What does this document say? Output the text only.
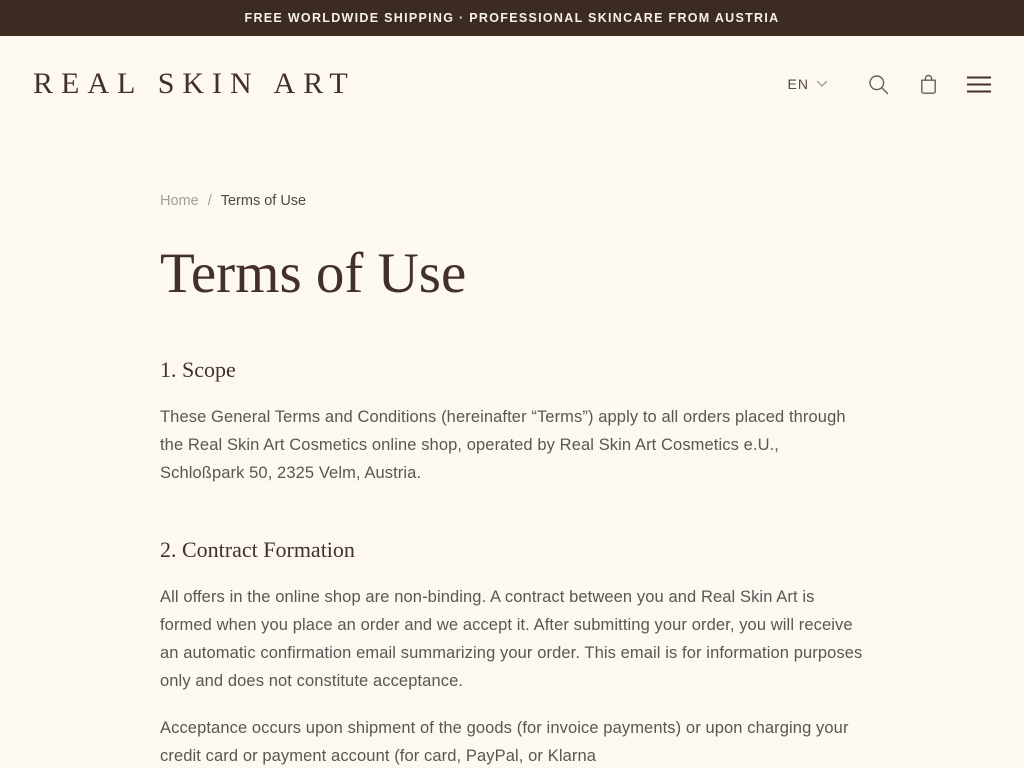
FREE WORLDWIDE SHIPPING · PROFESSIONAL SKINCARE FROM AUSTRIA
REAL SKIN ART	EN
Home / Terms of Use
Terms of Use
1. Scope

These General Terms and Conditions (hereinafter “Terms”) apply to all orders placed through the Real Skin Art Cosmetics online shop, operated by Real Skin Art Cosmetics e.U., Schloßpark 50, 2325 Velm, Austria.

2. Contract Formation

All offers in the online shop are non-binding. A contract between you and Real Skin Art is formed when you place an order and we accept it. After submitting your order, you will receive an automatic confirmation email summarizing your order. This email is for information purposes only and does not constitute acceptance.

Acceptance occurs upon shipment of the goods (for invoice payments) or upon charging your credit card or payment account (for card, PayPal, or Klarna
